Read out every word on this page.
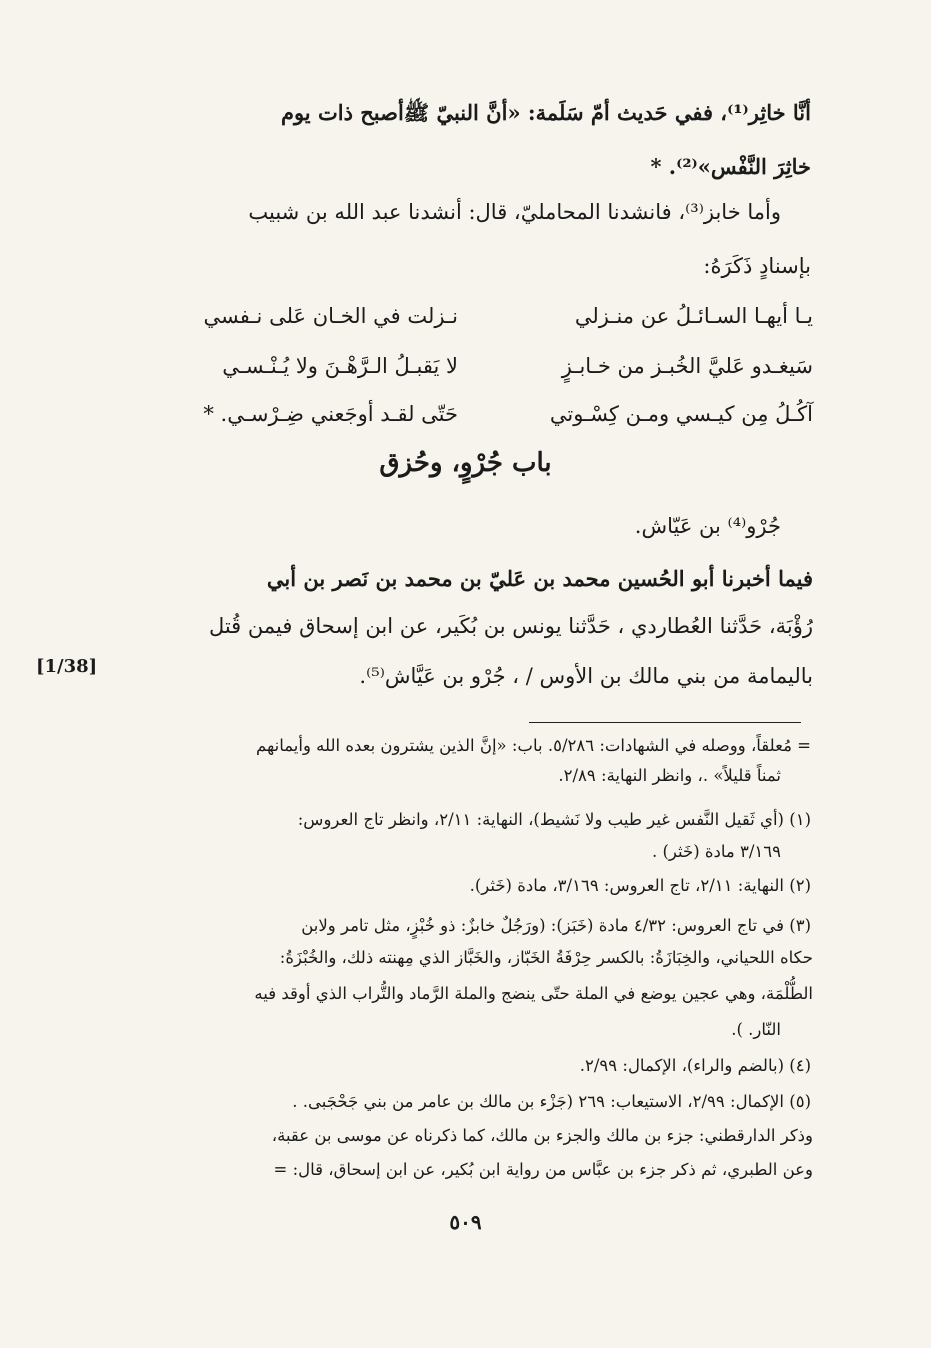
أنَّا خاثِر⁽¹⁾، ففي حَديث أمّ سَلَمة: «أنَّ النبيّ ﷺأصبح ذات يوم
خاثِرَ النَّفْس»⁽²⁾. *
وأما خابز⁽³⁾، فانشدنا المحامليّ، قال: أنشدنا عبد الله بن شبيب
بإسنادٍ ذَكَرَهُ:
يـا أيهـا السـائـلُ عن منـزلي
نـزلت في الخـان عَلى نـفسي
سَيغـدو عَليَّ الخُبـز من خـابـزٍ
لا يَقبـلُ الـرَّهْـنَ ولا يُـنْـسـي
آكُـلُ مِن كيـسي ومـن كِسْـوتي
حَتّى لقـد أوجَعني ضِـرْسـي. *
باب جُرْوٍ، وحُزق
جُرْو⁽⁴⁾ بن عَيّاش.
فيما أخبرنا أبو الحُسين محمد بن عَليّ بن محمد بن نَصر بن أبي
رُؤْبَة، حَدَّثنا العُطاردي ، حَدَّثنا يونس بن بُكَير، عن ابن إسحاق فيمن قُتل
باليمامة من بني مالك بن الأوس / ، جُرْو بن عَيَّاش⁽⁵⁾.
[1/38]
= مُعلقاً، ووصله في الشهادات: ٥/٢٨٦. باب: «إنَّ الذين يشترون بعده الله وأيمانهم
ثمناً قليلاً» .، وانظر النهاية: ٢/٨٩.
(١) (أي ثَقيل النَّفس غير طيب ولا نَشيط)، النهاية: ٢/١١، وانظر تاج العروس:
٣/١٦٩ مادة (خَثر) .
(٢) النهاية: ٢/١١، تاج العروس: ٣/١٦٩، مادة (خَثر).
(٣) في تاج العروس: ٤/٣٢ مادة (خَبَز): (ورَجُلٌ خابزٌ: ذو خُبْزٍ، مثل تامر ولابن
حكاه اللحياني، والخِبَازَةُ: بالكسر حِرْفَةُ الخَبّاز، والخَبَّاز الذي مِهنته ذلك، والخُبْزَةُ:
الطُّلْمَة، وهي عجين يوضع في الملة حتّى ينضج والملة الرَّماد والتُّراب الذي أوقد فيه
النّار. ).
(٤) (بالضم والراء)، الإكمال: ٢/٩٩.
(٥) الإكمال: ٢/٩٩، الاستيعاب: ٢٦٩ (جَزْء بن مالك بن عامر من بني جَحْجَبى. .
وذكر الدارقطني: جزء بن مالك والجزء بن مالك، كما ذكرناه عن موسى بن عقبة،
وعن الطبري، ثم ذكر جزء بن عبَّاس من رواية ابن بُكير، عن ابن إسحاق، قال: =
٥٠٩
